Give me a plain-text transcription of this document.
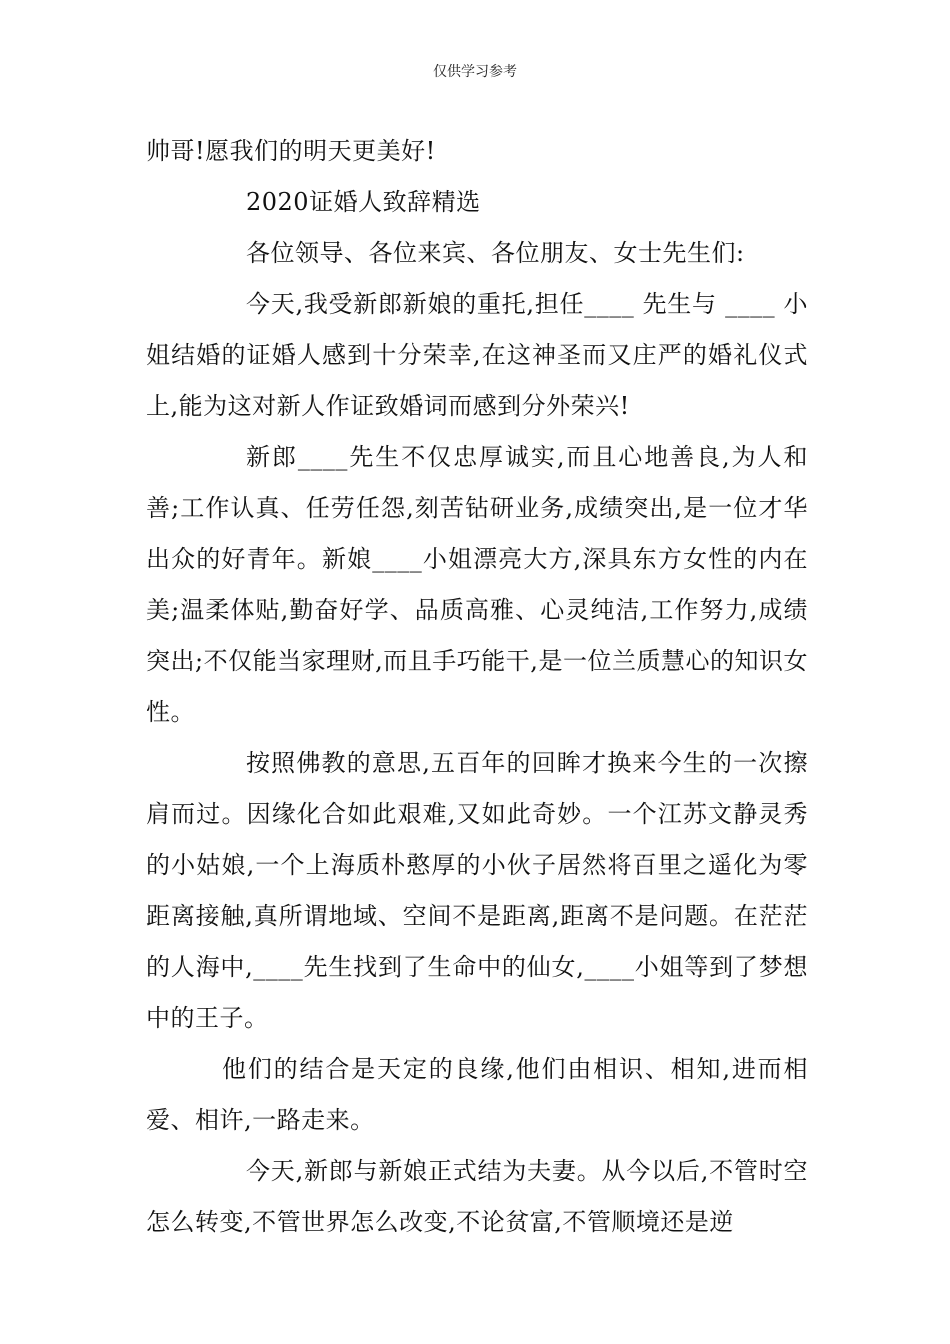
仅供学习参考

帅哥!愿我们的明天更美好!

2020证婚人致辞精选

各位领导、各位来宾、各位朋友、女士先生们:

今天,我受新郎新娘的重托,担任____ 先生与 ____ 小姐结婚的证婚人感到十分荣幸,在这神圣而又庄严的婚礼仪式上,能为这对新人作证致婚词而感到分外荣兴!

新郎____先生不仅忠厚诚实,而且心地善良,为人和善;工作认真、任劳任怨,刻苦钻研业务,成绩突出,是一位才华出众的好青年。新娘____小姐漂亮大方,深具东方女性的内在美;温柔体贴,勤奋好学、品质高雅、心灵纯洁,工作努力,成绩突出;不仅能当家理财,而且手巧能干,是一位兰质慧心的知识女性。

按照佛教的意思,五百年的回眸才换来今生的一次擦肩而过。因缘化合如此艰难,又如此奇妙。一个江苏文静灵秀的小姑娘,一个上海质朴憨厚的小伙子居然将百里之遥化为零距离接触,真所谓地域、空间不是距离,距离不是问题。在茫茫的人海中,____先生找到了生命中的仙女,____小姐等到了梦想中的王子。

他们的结合是天定的良缘,他们由相识、相知,进而相爱、相许,一路走来。

今天,新郎与新娘正式结为夫妻。从今以后,不管时空怎么转变,不管世界怎么改变,不论贫富,不管顺境还是逆
